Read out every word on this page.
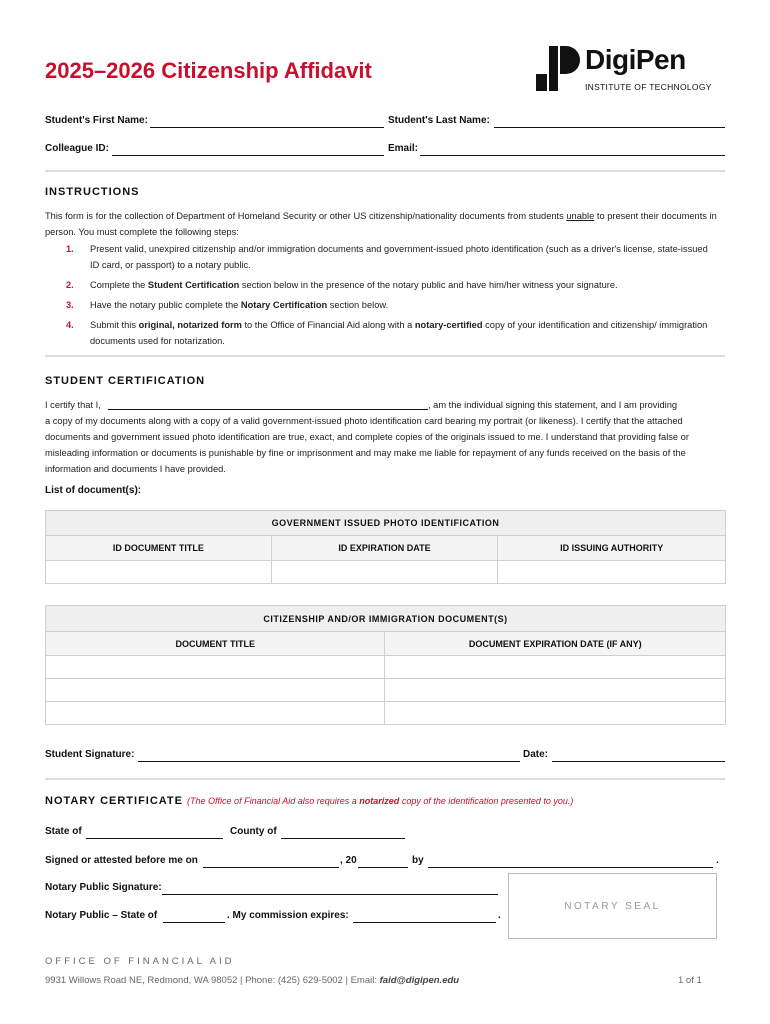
2025–2026 Citizenship Affidavit	DigiPen
INSTITUTE OF TECHNOLOGY
Student's First Name:	Student's Last Name:
Colleague ID:	Email:
INSTRUCTIONS
This form is for the collection of Department of Homeland Security or other US citizenship/nationality documents from students unable to present their documents in person. You must complete the following steps:
1. Present valid, unexpired citizenship and/or immigration documents and government-issued photo identification (such as a driver's license, state-issued ID card, or passport) to a notary public.
2. Complete the Student Certification section below in the presence of the notary public and have him/her witness your signature.
3. Have the notary public complete the Notary Certification section below.
4. Submit this original, notarized form to the Office of Financial Aid along with a notary-certified copy of your identification and citizenship/ immigration documents used for notarization.
STUDENT CERTIFICATION
I certify that I,	, am the individual signing this statement, and I am providing
a copy of my documents along with a copy of a valid government-issued photo identification card bearing my portrait (or likeness). I certify that the attached documents and government issued photo identification are true, exact, and complete copies of the originals issued to me. I understand that providing false or misleading information or documents is punishable by fine or imprisonment and may make me liable for repayment of any funds received on the basis of the information and documents I have provided.
List of document(s):
GOVERNMENT ISSUED PHOTO IDENTIFICATION		
ID DOCUMENT TITLE	ID EXPIRATION DATE	ID ISSUING AUTHORITY

CITIZENSHIP AND/OR IMMIGRATION DOCUMENT(S)	
DOCUMENT TITLE	DOCUMENT EXPIRATION DATE (IF ANY)

Student Signature:	Date:
NOTARY CERTIFICATE (The Office of Financial Aid also requires a notarized copy of the identification presented to you.)
State of	County of
Signed or attested before me on	, 20	by	.
Notary Public Signature:
Notary Public – State of	. My commission expires:	.
NOTARY SEAL
OFFICE OF FINANCIAL AID
9931 Willows Road NE, Redmond, WA 98052 | Phone: (425) 629-5002 | Email: faid@digipen.edu	1 of 1
